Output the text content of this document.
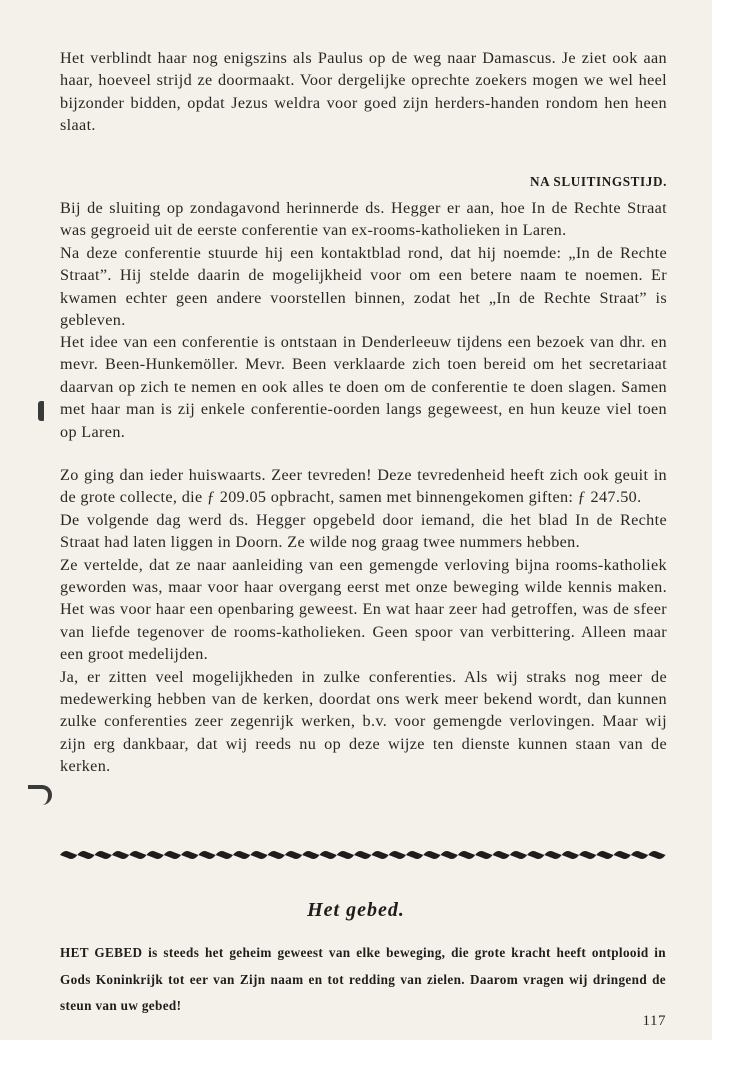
Het verblindt haar nog enigszins als Paulus op de weg naar Damascus. Je ziet ook aan haar, hoeveel strijd ze doormaakt. Voor dergelijke oprechte zoekers mogen we wel heel bijzonder bidden, opdat Jezus weldra voor goed zijn herders-handen rondom hen heen slaat.

NA SLUITINGSTIJD.

Bij de sluiting op zondagavond herinnerde ds. Hegger er aan, hoe In de Rechte Straat was gegroeid uit de eerste conferentie van ex-rooms-katholieken in Laren.

Na deze conferentie stuurde hij een kontaktblad rond, dat hij noemde: „In de Rechte Straat”. Hij stelde daarin de mogelijkheid voor om een betere naam te noemen. Er kwamen echter geen andere voorstellen binnen, zodat het „In de Rechte Straat” is gebleven.

Het idee van een conferentie is ontstaan in Denderleeuw tijdens een bezoek van dhr. en mevr. Been-Hunkemöller. Mevr. Been verklaarde zich toen bereid om het secretariaat daarvan op zich te nemen en ook alles te doen om de conferentie te doen slagen. Samen met haar man is zij enkele conferentie-oorden langs gegeweest, en hun keuze viel toen op Laren.

Zo ging dan ieder huiswaarts. Zeer tevreden! Deze tevredenheid heeft zich ook geuit in de grote collecte, die ƒ 209.05 opbracht, samen met binnengekomen giften: ƒ 247.50.

De volgende dag werd ds. Hegger opgebeld door iemand, die het blad In de Rechte Straat had laten liggen in Doorn. Ze wilde nog graag twee nummers hebben.

Ze vertelde, dat ze naar aanleiding van een gemengde verloving bijna rooms-katholiek geworden was, maar voor haar overgang eerst met onze beweging wilde kennis maken. Het was voor haar een openbaring geweest. En wat haar zeer had getroffen, was de sfeer van liefde tegenover de rooms-katholieken. Geen spoor van verbittering. Alleen maar een groot medelijden.

Ja, er zitten veel mogelijkheden in zulke conferenties. Als wij straks nog meer de medewerking hebben van de kerken, doordat ons werk meer bekend wordt, dan kunnen zulke conferenties zeer zegenrijk werken, b.v. voor gemengde verlovingen. Maar wij zijn erg dankbaar, dat wij reeds nu op deze wijze ten dienste kunnen staan van de kerken.

Het gebed.
HET GEBED is steeds het geheim geweest van elke beweging, die grote kracht heeft ontplooid in Gods Koninkrijk tot eer van Zijn naam en tot redding van zielen. Daarom vragen wij dringend de steun van uw gebed!
117
